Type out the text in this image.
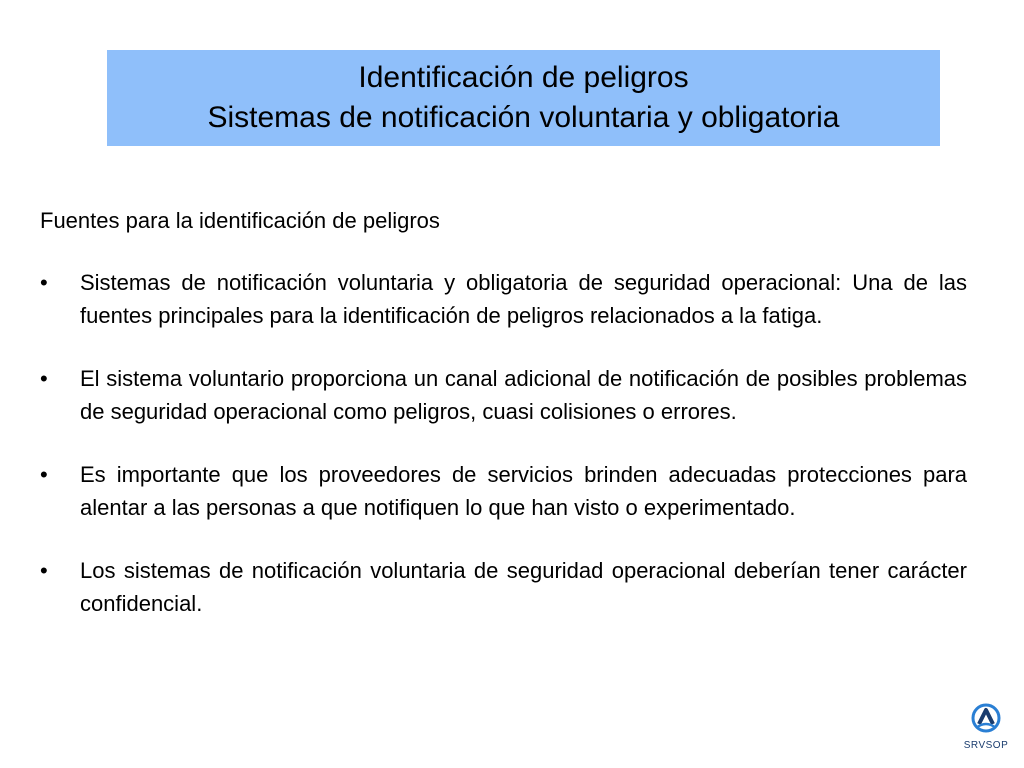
Identificación de peligros
Sistemas de notificación voluntaria y obligatoria

Fuentes para la identificación de peligros

• Sistemas de notificación voluntaria y obligatoria de seguridad operacional: Una de las fuentes principales para la identificación de peligros relacionados a la fatiga.

• El sistema voluntario proporciona un canal adicional de notificación de posibles problemas de seguridad operacional como peligros, cuasi colisiones o errores.

• Es importante que los proveedores de servicios brinden adecuadas protecciones para alentar a las personas a que notifiquen lo que han visto o experimentado.

• Los sistemas de notificación voluntaria de seguridad operacional deberían tener carácter confidencial.

SRVSOP
